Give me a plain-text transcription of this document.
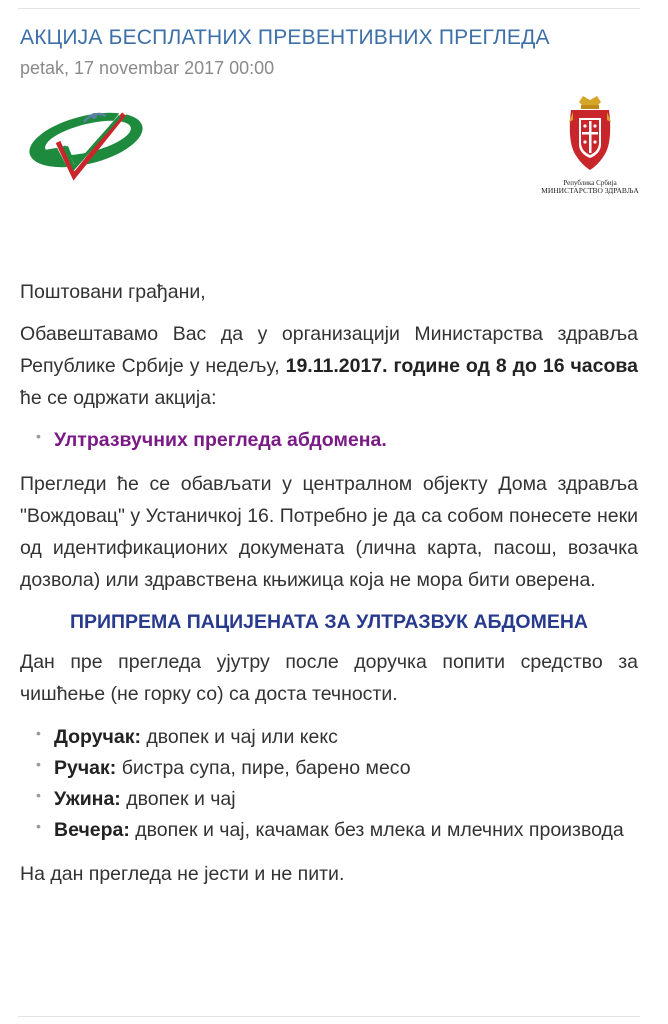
АКЦИЈА БЕСПЛАТНИХ ПРЕВЕНТИВНИХ ПРЕГЛЕДА
petak, 17 novembar 2017 00:00
Република Србија
МИНИСТАРСТВО ЗДРАВЉА

Поштовани грађани,

Обавештавамо Вас да у организацији Министарства здравља Републике Србије у недељу, 19.11.2017. године од 8 до 16 часова ће се одржати акција:

• Ултразвучних прегледа абдомена.

Прегледи ће се обављати у централном објекту Дома здравља "Вождовац" у Устаничкој 16. Потребно је да са собом понесете неки од идентификационих докумената (лична карта, пасош, возачка дозвола) или здравствена књижица која не мора бити оверена.

ПРИПРЕМА ПАЦИЈЕНАТА ЗА УЛТРАЗВУК АБДОМЕНА

Дан пре прегледа ујутру после доручка попити средство за чишћење (не горку со) са доста течности.

• Доручак: двопек и чај или кекс
• Ручак: бистра супа, пире, барено месо
• Ужина: двопек и чај
• Вечера: двопек и чај, качамак без млека и млечних производа

На дан прегледа не јести и не пити.
